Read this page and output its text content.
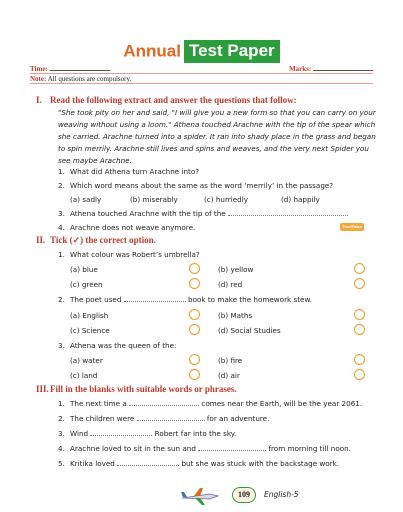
Annual Test Paper
Time:	Marks:
Note: All questions are compulsory.
I. Read the following extract and answer the questions that follow:
"She took pity on her and said, "I will give you a new form so that you can carry on your weaving without using a loom." Athena touched Arachne with the tip of the spear which she carried. Arachne turned into a spider. It ran into shady place in the grass and began to spin merrily. Arachne still lives and spins and weaves, and the very next Spider you see maybe Arachne.
1. What did Athena turn Arachne into?
2. Which word means about the same as the word ‘merrily’ in the passage?
(a) sadly	(b) miserably	(c) hurriedly	(d) happily
3. Athena touched Arachne with the tip of the
4. Arachne does not weave anymore.	True/False
II. Tick (✓) the correct option.
1. What colour was Robert’s umbrella?
(a) blue	(b) yellow
(c) green	(d) red
2. The poet used	book to make the homework stew.
(a) English	(b) Maths
(c) Science	(d) Social Studies
3. Athena was the queen of the:
(a) water	(b) fire
(c) land	(d) air
III.Fill in the blanks with suitable words or phrases.
1. The next time a	comes near the Earth, will be the year 2061.
2. The children were	for an adventure.
3. Wind	Robert far into the sky.
4. Arachne loved to sit in the sun and	from morning till noon.
5. Kritika loved	but she was stuck with the backstage work.
109	English-5
